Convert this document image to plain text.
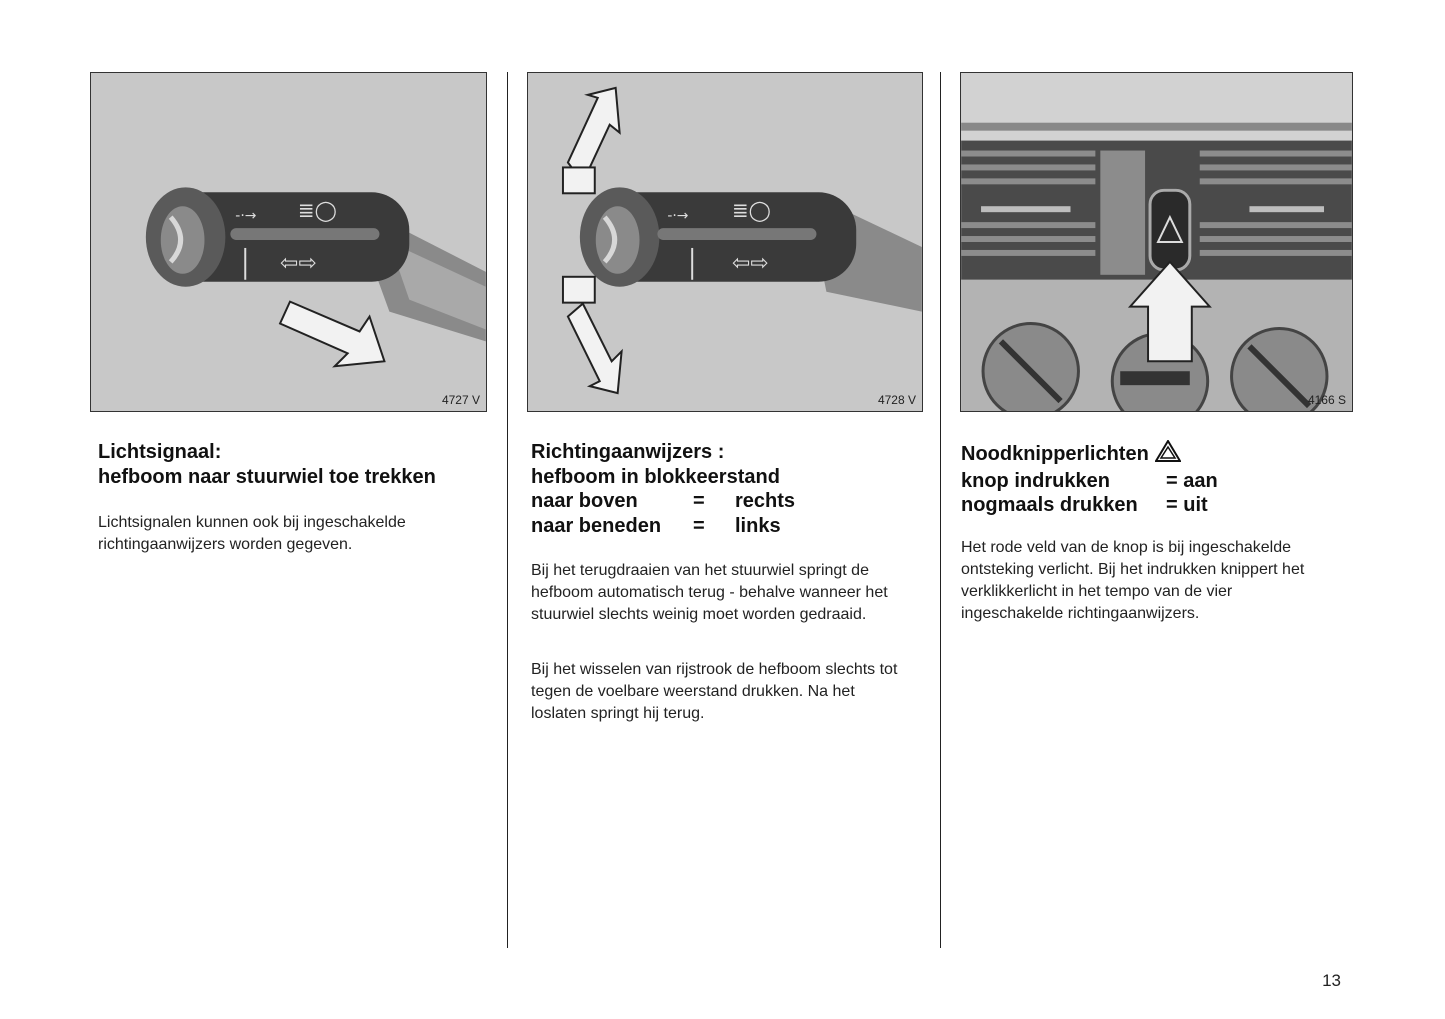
≣◯
-·→
⇦⇨
4727 V
Lichtsignaal:
hefboom naar stuurwiel toe trekken

Lichtsignalen kunnen ook bij ingeschakelde richtingaanwijzers worden gegeven.

≣◯
-·→
⇦⇨
4728 V
Richtingaanwijzers :
hefboom in blokkeerstand
naar boven	= rechts
naar beneden = links

Bij het terugdraaien van het stuurwiel springt de hefboom automatisch terug - behalve wanneer het stuurwiel slechts weinig moet worden gedraaid.

Bij het wisselen van rijstrook de hefboom slechts tot tegen de voelbare weerstand drukken. Na het loslaten springt hij terug.

4166 S
Noodknipperlichten
knop indrukken	= aan
nogmaals drukken = uit

Het rode veld van de knop is bij ingeschakelde ontsteking verlicht. Bij het indrukken knippert het verklikkerlicht in het tempo van de vier ingeschakelde richtingaanwijzers.

13
